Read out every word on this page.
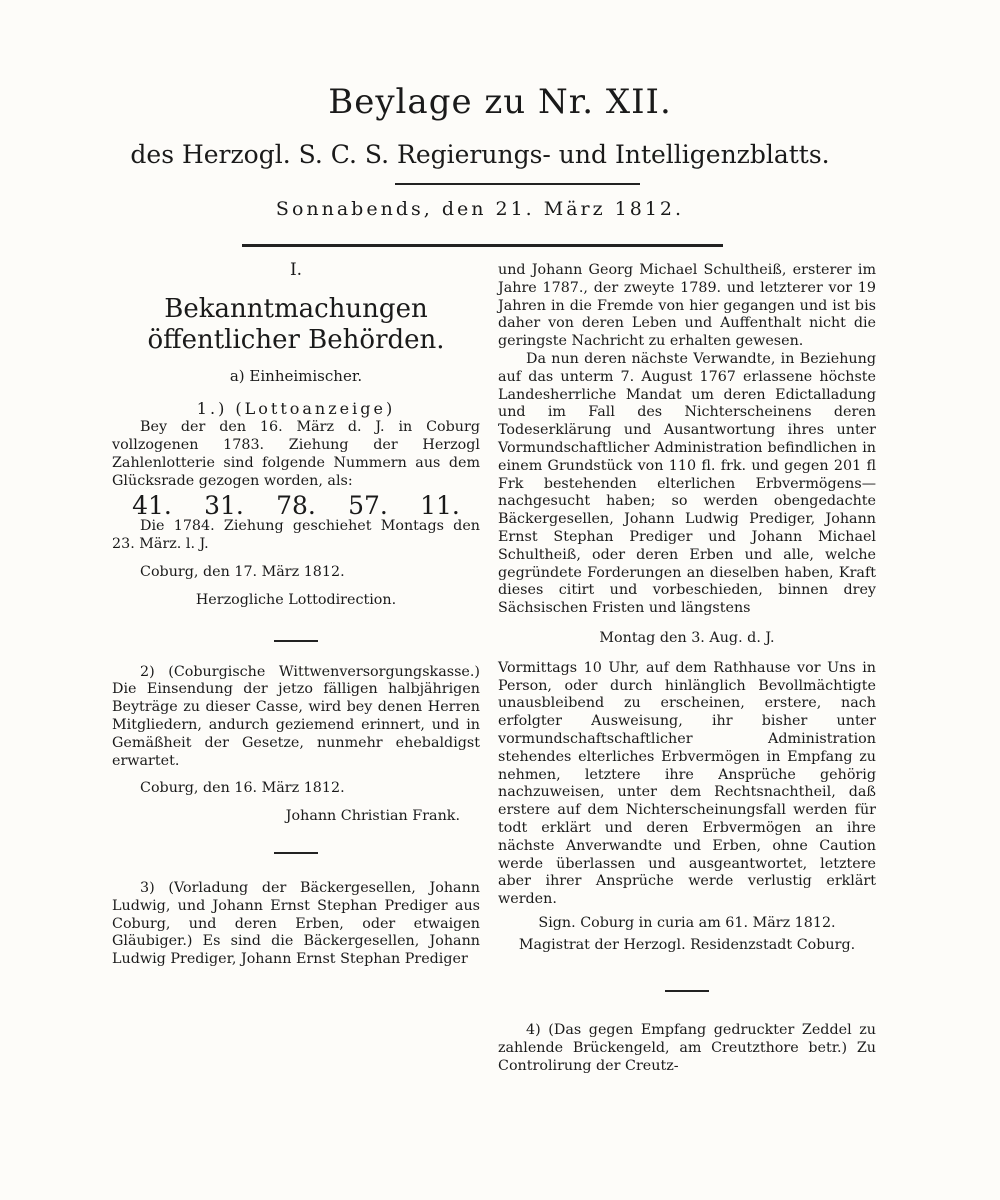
Beylage zu Nr. XII.
des Herzogl. S. C. S. Regierungs- und Intelligenzblatts.
Sonnabends, den 21. März 1812.

I.

Bekanntmachungen öffentlicher Behörden.

a) Einheimischer.

1.) (Lottoanzeige)

Bey der den 16. März d. J. in Coburg vollzogenen 1783. Ziehung der Herzogl Zahlenlotterie sind folgende Nummern aus dem Glücksrade gezogen worden, als:

41. 31. 78. 57. 11.

Die 1784. Ziehung geschiehet Montags den 23. März. l. J.

Coburg, den 17. März 1812.

Herzogliche Lottodirection.

2) (Coburgische Wittwenversorgungskasse.) Die Einsendung der jetzo fälligen halbjährigen Beyträge zu dieser Casse, wird bey denen Herren Mitgliedern, andurch geziemend erinnert, und in Gemäßheit der Gesetze, nunmehr ehebaldigst erwartet.

Coburg, den 16. März 1812.

Johann Christian Frank.

3) (Vorladung der Bäckergesellen, Johann Ludwig, und Johann Ernst Stephan Prediger aus Coburg, und deren Erben, oder etwaigen Gläubiger.) Es sind die Bäckergesellen, Johann Ludwig Prediger, Johann Ernst Stephan Prediger

und Johann Georg Michael Schultheiß, ersterer im Jahre 1787., der zweyte 1789. und letzterer vor 19 Jahren in die Fremde von hier gegangen und ist bis daher von deren Leben und Auffenthalt nicht die geringste Nachricht zu erhalten gewesen.

Da nun deren nächste Verwandte, in Beziehung auf das unterm 7. August 1767 erlassene höchste Landesherrliche Mandat um deren Edictalladung und im Fall des Nichterscheinens deren Todeserklärung und Ausantwortung ihres unter Vormundschaftlicher Administration befindlichen in einem Grundstück von 110 fl. frk. und gegen 201 fl Frk bestehenden elterlichen Erbvermögens—nachgesucht haben; so werden obengedachte Bäckergesellen, Johann Ludwig Prediger, Johann Ernst Stephan Prediger und Johann Michael Schultheiß, oder deren Erben und alle, welche gegründete Forderungen an dieselben haben, Kraft dieses citirt und vorbeschieden, binnen drey Sächsischen Fristen und längstens

Montag den 3. Aug. d. J.

Vormittags 10 Uhr, auf dem Rathhause vor Uns in Person, oder durch hinlänglich Bevollmächtigte unausbleibend zu erscheinen, erstere, nach erfolgter Ausweisung, ihr bisher unter vormundschaftschaftlicher Administration stehendes elterliches Erbvermögen in Empfang zu nehmen, letztere ihre Ansprüche gehörig nachzuweisen, unter dem Rechtsnachtheil, daß erstere auf dem Nichterscheinungsfall werden für todt erklärt und deren Erbvermögen an ihre nächste Anverwandte und Erben, ohne Caution werde überlassen und ausgeantwortet, letztere aber ihrer Ansprüche werde verlustig erklärt werden.

Sign. Coburg in curia am 61. März 1812.

Magistrat der Herzogl. Residenzstadt Coburg.

4) (Das gegen Empfang gedruckter Zeddel zu zahlende Brückengeld, am Creutzthore betr.) Zu Controlirung der Creutz-
